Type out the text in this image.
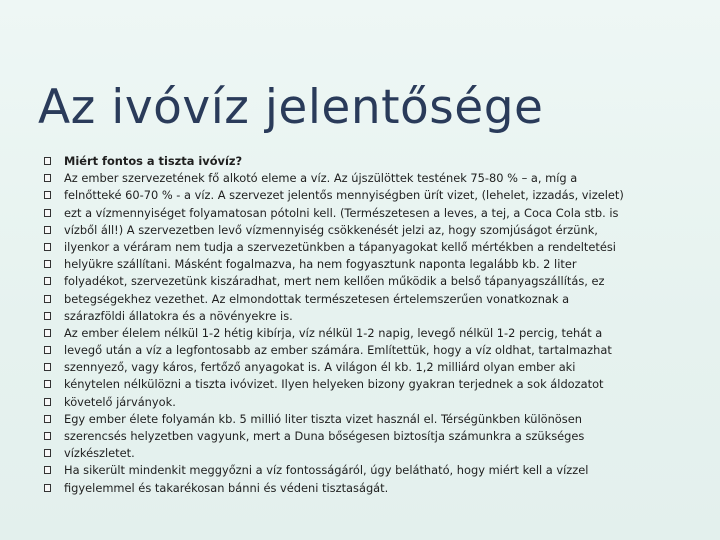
Az ivóvíz jelentősége
Miért fontos a tiszta ivóvíz?
Az ember szervezetének fő alkotó eleme a víz. Az újszülöttek testének 75-80 % – a, míg a
felnőtteké 60-70 % - a víz. A szervezet jelentős mennyiségben ürít vizet, (lehelet, izzadás, vizelet)
ezt a vízmennyiséget folyamatosan pótolni kell. (Természetesen a leves, a tej, a Coca Cola stb. is
vízből áll!) A szervezetben levő vízmennyiség csökkenését jelzi az, hogy szomjúságot érzünk,
ilyenkor a véráram nem tudja a szervezetünkben a tápanyagokat kellő mértékben a rendeltetési
helyükre szállítani. Másként fogalmazva, ha nem fogyasztunk naponta legalább kb. 2 liter
folyadékot, szervezetünk kiszáradhat, mert nem kellően működik a belső tápanyagszállítás, ez
betegségekhez vezethet. Az elmondottak természetesen értelemszerűen vonatkoznak a
szárazföldi állatokra és a növényekre is.
Az ember élelem nélkül 1-2 hétig kibírja, víz nélkül 1-2 napig, levegő nélkül 1-2 percig, tehát a
levegő után a víz a legfontosabb az ember számára. Említettük, hogy a víz oldhat, tartalmazhat
szennyező, vagy káros, fertőző anyagokat is. A világon él kb. 1,2 milliárd olyan ember aki
kénytelen nélkülözni a tiszta ivóvizet. Ilyen helyeken bizony gyakran terjednek a sok áldozatot
követelő járványok.
Egy ember élete folyamán kb. 5 millió liter tiszta vizet használ el. Térségünkben különösen
szerencsés helyzetben vagyunk, mert a Duna bőségesen biztosítja számunkra a szükséges
vízkészletet.
Ha sikerült mindenkit meggyőzni a víz fontosságáról, úgy belátható, hogy miért kell a vízzel
figyelemmel és takarékosan bánni és védeni tisztaságát.
